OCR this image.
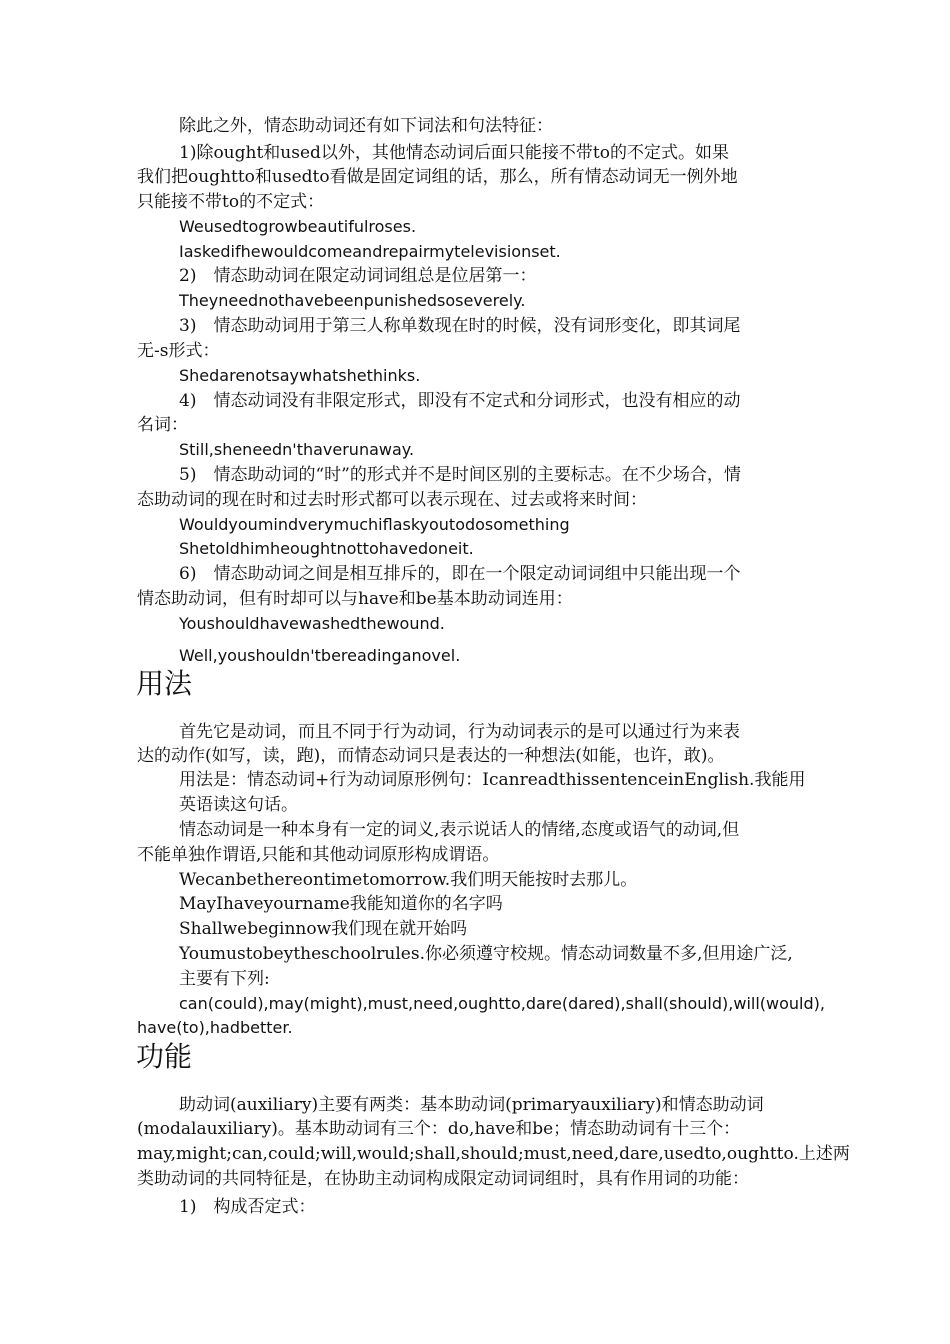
除此之外，情态助动词还有如下词法和句法特征：
1)除ought和used以外，其他情态动词后面只能接不带to的不定式。如果
我们把oughtto和usedto看做是固定词组的话，那么，所有情态动词无一例外地
只能接不带to的不定式：
Weusedtogrowbeautifulroses.
Iaskedifhewouldcomeandrepairmytelevisionset.
2) 情态助动词在限定动词词组总是位居第一：
Theyneednothavebeenpunishedsoseverely.
3) 情态助动词用于第三人称单数现在时的时候，没有词形变化，即其词尾
无-s形式：
Shedarenotsaywhatshethinks.
4) 情态动词没有非限定形式，即没有不定式和分词形式，也没有相应的动
名词：
Still,sheneedn'thaverunaway.
5) 情态助动词的“时”的形式并不是时间区别的主要标志。在不少场合，情
态助动词的现在时和过去时形式都可以表示现在、过去或将来时间：
Wouldyoumindverymuchiflaskyoutodosomething
Shetoldhimheoughtnottohavedoneit.
6) 情态助动词之间是相互排斥的，即在一个限定动词词组中只能出现一个
情态助动词，但有时却可以与have和be基本助动词连用：
Youshouldhavewashedthewound.
Well,youshouldn'tbereadinganovel.
用法
首先它是动词，而且不同于行为动词，行为动词表示的是可以通过行为来表
达的动作(如写，读，跑)，而情态动词只是表达的一种想法(如能，也许，敢)。
用法是：情态动词+行为动词原形例句：IcanreadthissentenceinEnglish.我能用
英语读这句话。
情态动词是一种本身有一定的词义,表示说话人的情绪,态度或语气的动词,但
不能单独作谓语,只能和其他动词原形构成谓语。
Wecanbethereontimetomorrow.我们明天能按时去那儿。
MayIhaveyourname我能知道你的名字吗
Shallwebeginnow我们现在就开始吗
Youmustobeytheschoolrules.你必须遵守校规。情态动词数量不多,但用途广泛,
主要有下列:
can(could),may(might),must,need,oughtto,dare(dared),shall(should),will(would),
have(to),hadbetter.
功能
助动词(auxiliary)主要有两类：基本助动词(primaryauxiliary)和情态助动词
(modalauxiliary)。基本助动词有三个：do,have和be；情态助动词有十三个：
may,might;can,could;will,would;shall,should;must,need,dare,usedto,oughtto.上述两
类助动词的共同特征是，在协助主动词构成限定动词词组时，具有作用词的功能：
1) 构成否定式：
